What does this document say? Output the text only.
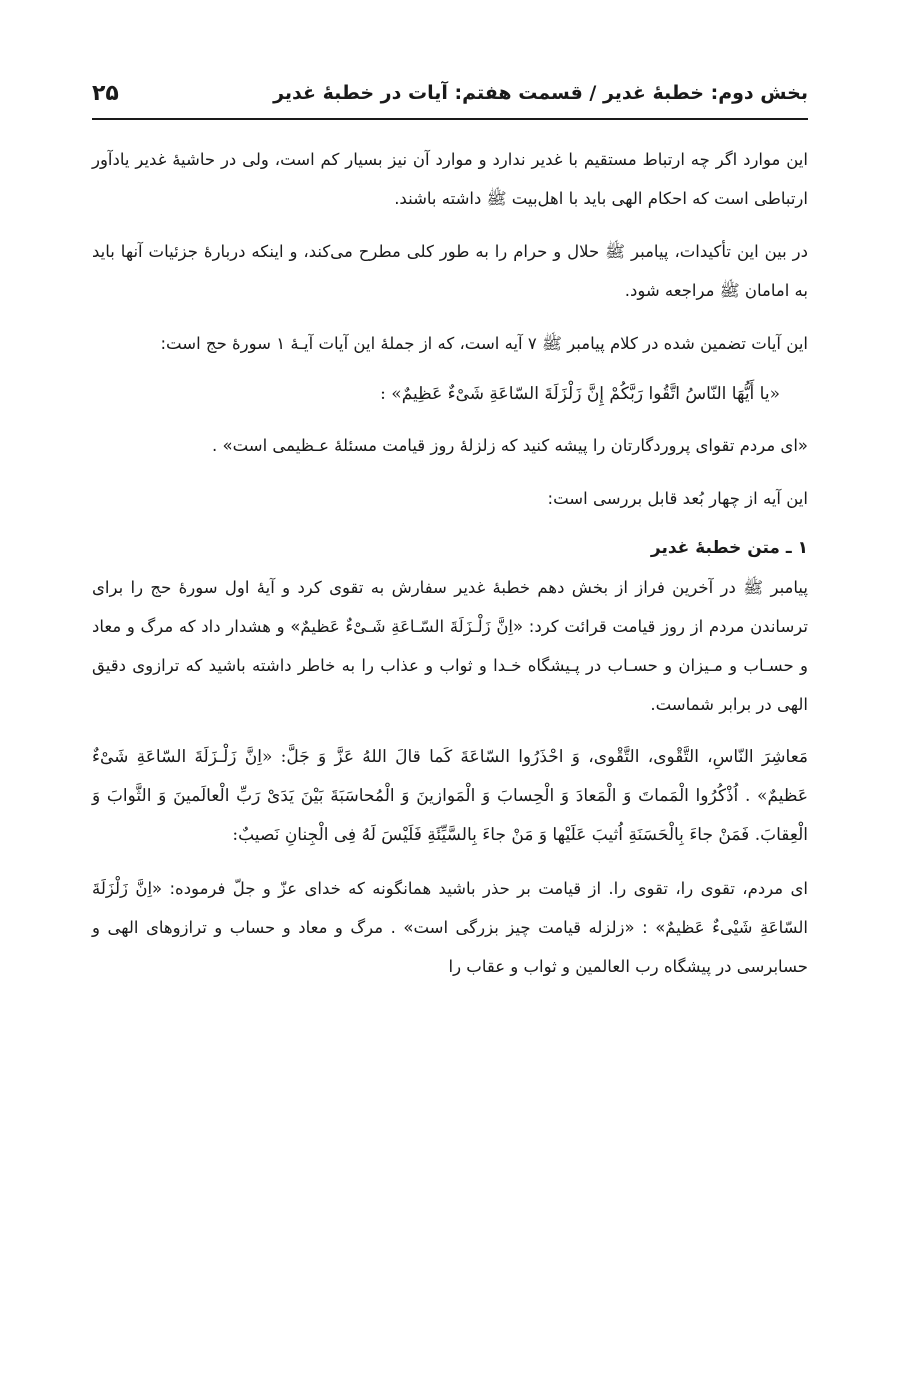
بخش دوم: خطبهٔ غدیر / قسمت هفتم: آیات در خطبهٔ غدیر
۲۵

این موارد اگر چه ارتباط مستقیم با غدیر ندارد و موارد آن نیز بسیار کم است، ولی در حاشیهٔ غدیر یادآور ارتباطی است که احکام الهی باید با اهل‌بیت ﷺ داشته باشند.

در بین این تأکیدات، پیامبر ﷺ حلال و حرام را به طور کلی مطرح می‌کند، و اینکه دربارهٔ جزئیات آنها باید به امامان ﷺ مراجعه شود.

این آیات تضمین شده در کلام پیامبر ﷺ ۷ آیه است، که از جملهٔ این آیات آیـهٔ ۱ سورهٔ حج است:

«یا أَیُّهَا النّاسُ اتَّقُوا رَبَّکُمْ إِنَّ زَلْزَلَةَ السّاعَةِ شَیْءٌ عَظِیمٌ» :

«ای مردم تقوای پروردگارتان را پیشه کنید که زلزلهٔ روز قیامت مسئلهٔ عـظیمی است» .

این آیه از چهار بُعد قابل بررسی است:

۱ ـ متن خطبهٔ غدیر

پیامبر ﷺ در آخرین فراز از بخش دهم خطبهٔ غدیر سفارش به تقوی کرد و آیهٔ اول سورهٔ حج را برای ترساندن مردم از روز قیامت قرائت کرد: «اِنَّ زَلْـزَلَةَ السّـاعَةِ شَـیْءٌ عَظیمٌ» و هشدار داد که مرگ و معاد و حسـاب و مـیزان و حسـاب در پـیشگاه خـدا و ثواب و عذاب را به خاطر داشته باشید که ترازوی دقیق الهی در برابر شماست.

مَعاشِرَ النّاسِ، التَّقْوی، التَّقْوی، وَ احْذَرُوا السّاعَةَ کَما قالَ اللهُ عَزَّ وَ جَلَّ: «اِنَّ زَلْـزَلَةَ السّاعَةِ شَیْءٌ عَظیمٌ» . اُذْکُرُوا الْمَماتَ وَ الْمَعادَ وَ الْحِسابَ وَ الْمَوازینَ وَ الْمُحاسَبَةَ بَیْنَ یَدَیْ رَبِّ الْعالَمینَ وَ الثَّوابَ وَ الْعِقابَ. فَمَنْ جاءَ بِالْحَسَنَةِ اُثیبَ عَلَیْها وَ مَنْ جاءَ بِالسَّیِّئَةِ فَلَیْسَ لَهُ فِی الْجِنانِ نَصیبٌ:

ای مردم، تقوی را، تقوی را. از قیامت بر حذر باشید همانگونه که خدای عزّ و جلّ فرموده: «اِنَّ زَلْزَلَةَ السّاعَةِ شَیْیءٌ عَظیمٌ» : «زلزله قیامت چیز بزرگی است» . مرگ و معاد و حساب و ترازوهای الهی و حسابرسی در پیشگاه رب العالمین و ثواب و عقاب را
